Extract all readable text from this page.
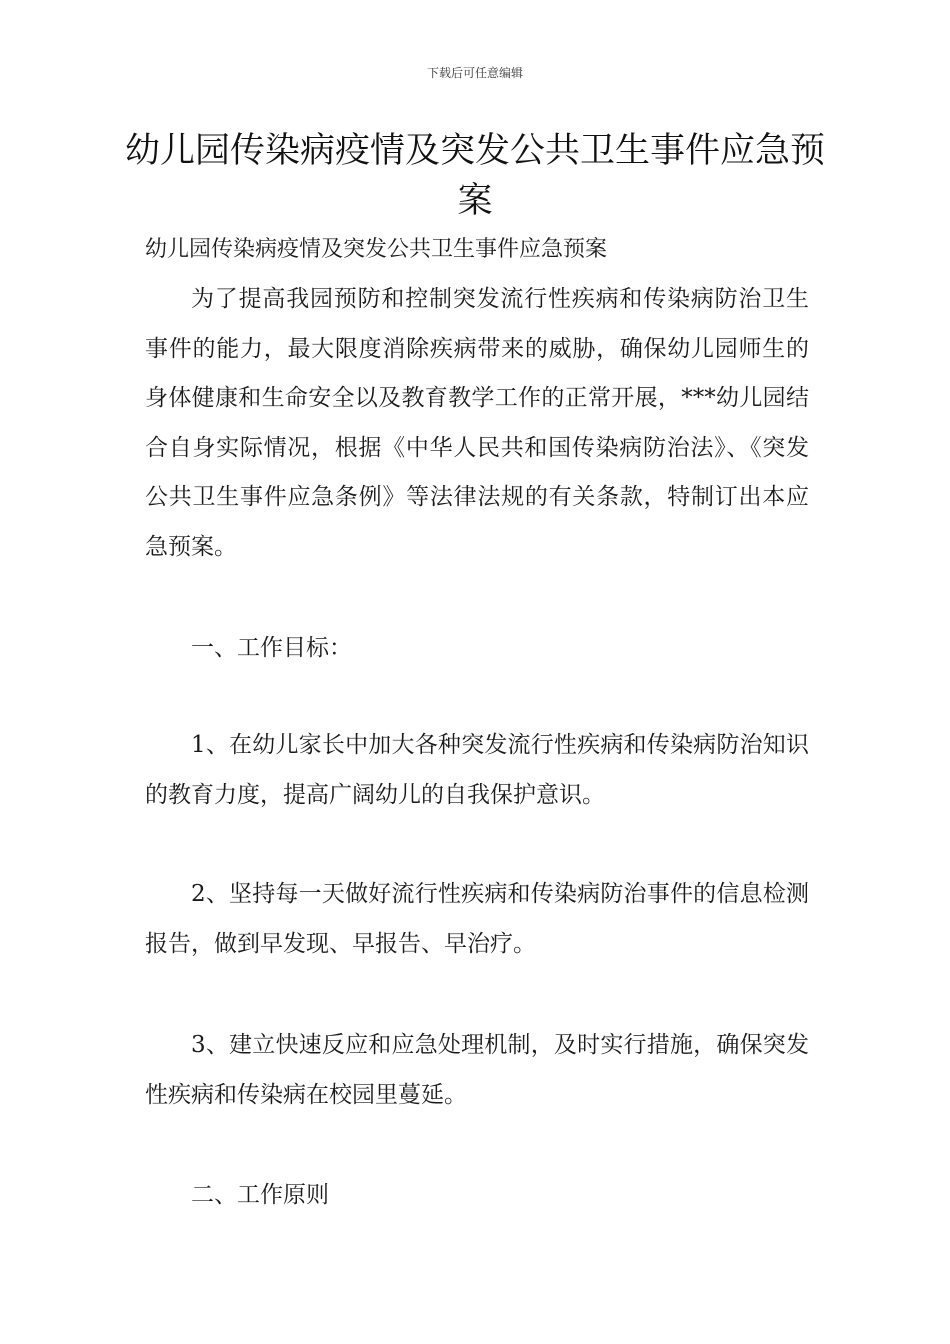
下载后可任意编辑
幼儿园传染病疫情及突发公共卫生事件应急预案
幼儿园传染病疫情及突发公共卫生事件应急预案
为了提高我园预防和控制突发流行性疾病和传染病防治卫生事件的能力，最大限度消除疾病带来的威胁，确保幼儿园师生的身体健康和生命安全以及教育教学工作的正常开展，***幼儿园结合自身实际情况，根据《中华人民共和国传染病防治法》、《突发公共卫生事件应急条例》等法律法规的有关条款，特制订出本应急预案。
一、工作目标：
1、在幼儿家长中加大各种突发流行性疾病和传染病防治知识的教育力度，提高广阔幼儿的自我保护意识。
2、坚持每一天做好流行性疾病和传染病防治事件的信息检测报告，做到早发现、早报告、早治疗。
3、建立快速反应和应急处理机制，及时实行措施，确保突发性疾病和传染病在校园里蔓延。
二、工作原则
